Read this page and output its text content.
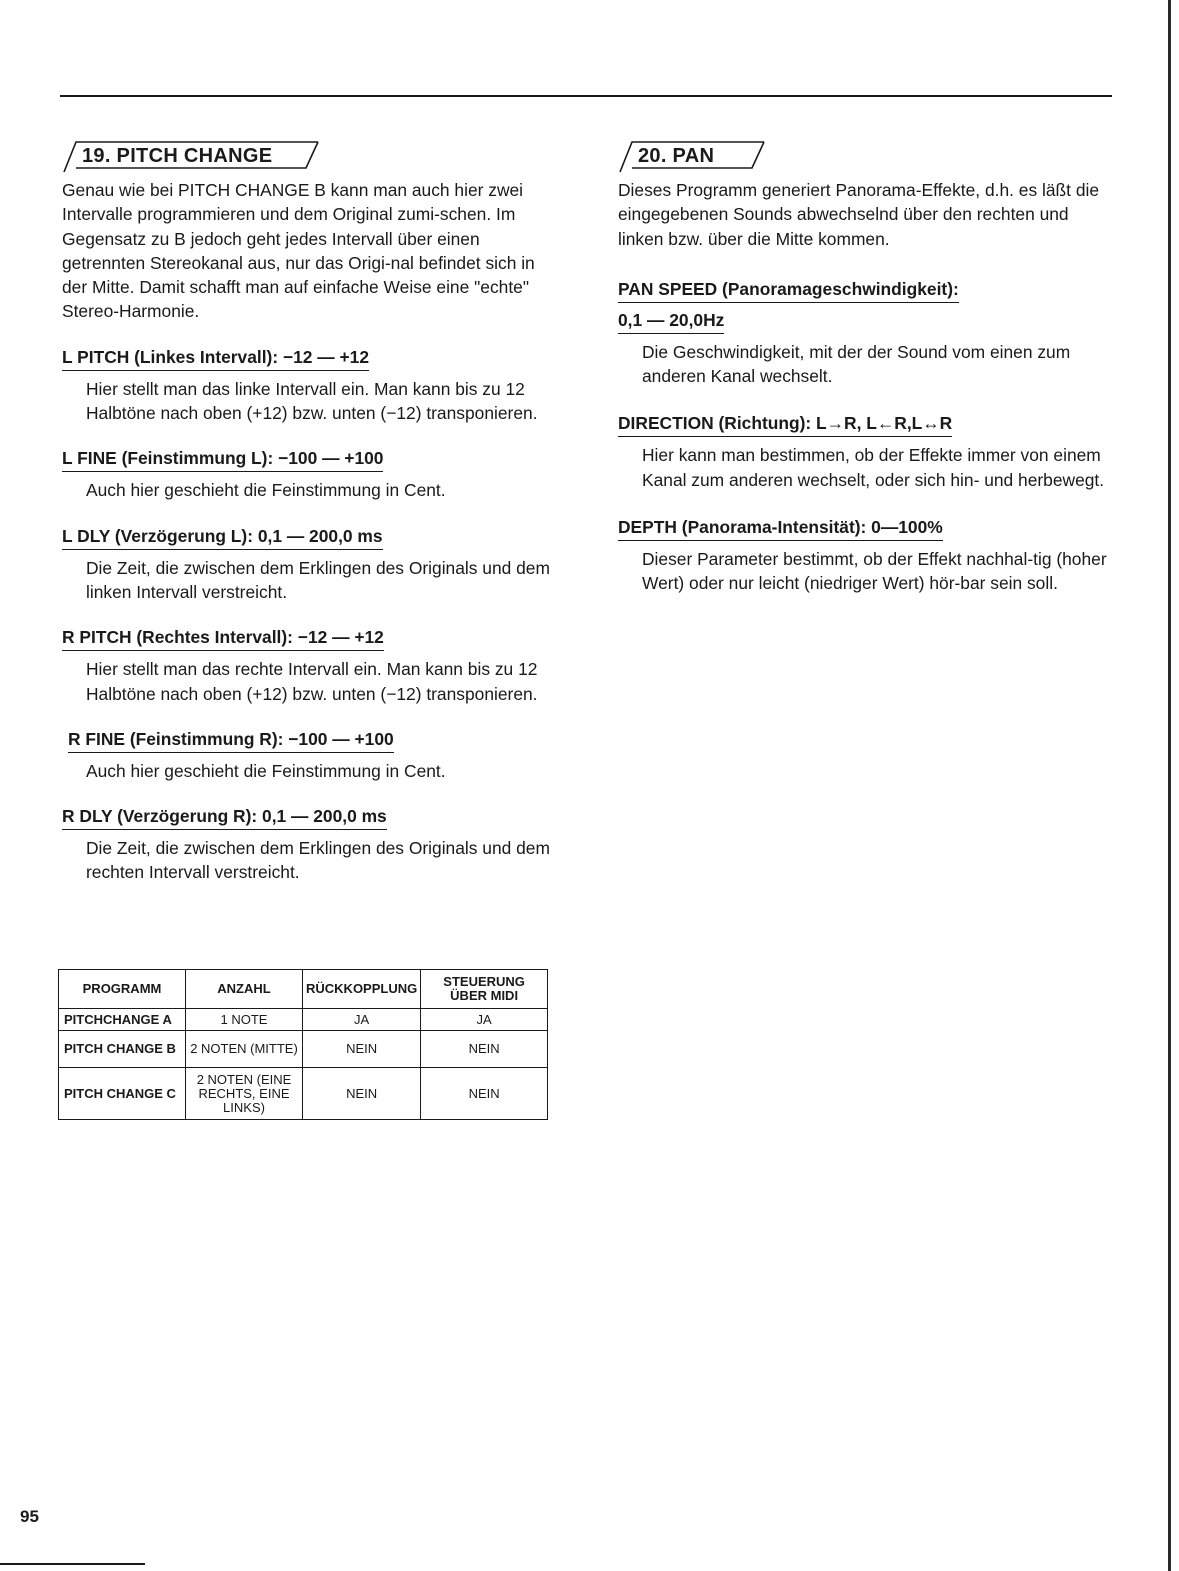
19. PITCH CHANGE

Genau wie bei PITCH CHANGE B kann man auch hier zwei Intervalle programmieren und dem Original zumi-schen. Im Gegensatz zu B jedoch geht jedes Intervall über einen getrennten Stereokanal aus, nur das Origi-nal befindet sich in der Mitte. Damit schafft man auf einfache Weise eine "echte" Stereo-Harmonie.

L PITCH (Linkes Intervall): −12 — +12
Hier stellt man das linke Intervall ein. Man kann bis zu 12 Halbtöne nach oben (+12) bzw. unten (−12) transponieren.
L FINE (Feinstimmung L): −100 — +100
Auch hier geschieht die Feinstimmung in Cent.
L DLY (Verzögerung L): 0,1 — 200,0 ms
Die Zeit, die zwischen dem Erklingen des Originals und dem linken Intervall verstreicht.
R PITCH (Rechtes Intervall): −12 — +12
Hier stellt man das rechte Intervall ein. Man kann bis zu 12 Halbtöne nach oben (+12) bzw. unten (−12) transponieren.
R FINE (Feinstimmung R): −100 — +100
Auch hier geschieht die Feinstimmung in Cent.
R DLY (Verzögerung R): 0,1 — 200,0 ms
Die Zeit, die zwischen dem Erklingen des Originals und dem rechten Intervall verstreicht.
PROGRAMM	ANZAHL	RÜCKKOPPLUNG	STEUERUNG ÜBER MIDI
PITCHCHANGE A	1 NOTE	JA	JA
PITCH CHANGE B	2 NOTEN (MITTE)	NEIN	NEIN
PITCH CHANGE C	2 NOTEN (EINE RECHTS, EINE LINKS)	NEIN	NEIN
20. PAN

Dieses Programm generiert Panorama-Effekte, d.h. es läßt die eingegebenen Sounds abwechselnd über den rechten und linken bzw. über die Mitte kommen.

PAN SPEED (Panoramageschwindigkeit):
0,1 — 20,0Hz
Die Geschwindigkeit, mit der der Sound vom einen zum anderen Kanal wechselt.
DIRECTION (Richtung): L→R, L←R,L↔R
Hier kann man bestimmen, ob der Effekte immer von einem Kanal zum anderen wechselt, oder sich hin- und herbewegt.
DEPTH (Panorama-Intensität): 0—100%
Dieser Parameter bestimmt, ob der Effekt nachhal-tig (hoher Wert) oder nur leicht (niedriger Wert) hör-bar sein soll.
95
